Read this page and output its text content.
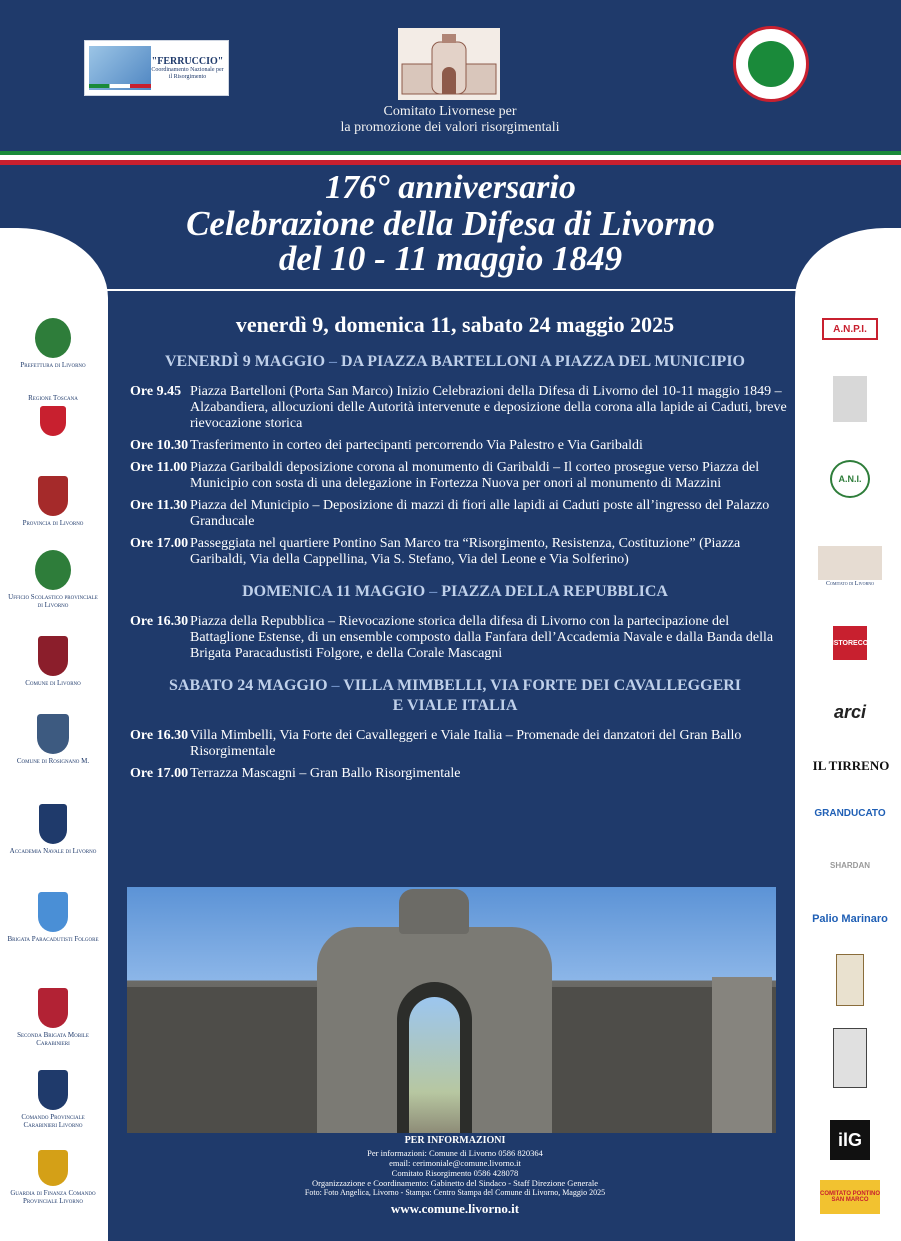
"FERRUCCIO"
Coordinamento Nazionale per il Risorgimento
Comitato Livornese per
la promozione dei valori risorgimentali
176° anniversario
Celebrazione della Difesa di Livorno
del 10 - 11 maggio 1849
venerdì 9, domenica 11, sabato 24 maggio 2025
VENERDÌ 9 MAGGIO – DA PIAZZA BARTELLONI A PIAZZA DEL MUNICIPIO
Ore 9.45 Piazza Bartelloni (Porta San Marco) Inizio Celebrazioni della Difesa di Livorno del 10-11 maggio 1849 – Alzabandiera, allocuzioni delle Autorità intervenute e deposizione della corona alla lapide ai Caduti, breve rievocazione storica
Ore 10.30 Trasferimento in corteo dei partecipanti percorrendo Via Palestro e Via Garibaldi
Ore 11.00 Piazza Garibaldi deposizione corona al monumento di Garibaldi – Il corteo prosegue verso Piazza del Municipio con sosta di una delegazione in Fortezza Nuova per onori al monumento di Mazzini
Ore 11.30 Piazza del Municipio – Deposizione di mazzi di fiori alle lapidi ai Caduti poste all’ingresso del Palazzo Granducale
Ore 17.00 Passeggiata nel quartiere Pontino San Marco tra “Risorgimento, Resistenza, Costituzione” (Piazza Garibaldi, Via della Cappellina, Via S. Stefano, Via del Leone e Via Solferino)
DOMENICA 11 MAGGIO – PIAZZA DELLA REPUBBLICA
Ore 16.30 Piazza della Repubblica – Rievocazione storica della difesa di Livorno con la partecipazione del Battaglione Estense, di un ensemble composto dalla Fanfara dell’Accademia Navale e dalla Banda della Brigata Paracadustisti Folgore, e della Corale Mascagni
SABATO 24 MAGGIO – VILLA MIMBELLI, VIA FORTE DEI CAVALLEGGERI
E VIALE ITALIA
Ore 16.30 Villa Mimbelli, Via Forte dei Cavalleggeri e Viale Italia – Promenade dei danzatori del Gran Ballo Risorgimentale
Ore 17.00 Terrazza Mascagni – Gran Ballo Risorgimentale
PER INFORMAZIONI
Per informazioni: Comune di Livorno 0586 820364
email: cerimoniale@comune.livorno.it
Comitato Risorgimento 0586 428078
Organizzazione e Coordinamento: Gabinetto del Sindaco - Staff Direzione Generale
Foto: Foto Angelica, Livorno - Stampa: Centro Stampa del Comune di Livorno, Maggio 2025
www.comune.livorno.it
Prefettura di Livorno
Regione Toscana
Provincia di Livorno
Ufficio Scolastico provinciale di Livorno
Comune di Livorno
Comune di Rosignano M.
Accademia Navale di Livorno
Brigata Paracadutisti Folgore
Seconda Brigata Mobile Carabinieri
Comando Provinciale Carabinieri Livorno
Guardia di Finanza Comando Provinciale Livorno
A.N.P.I.
A.N.I.
Comitato di Livorno
ISTORECO
arci
IL TIRRENO
GRANDUCATO
SHARDAN
Palio Marinaro
ilG
COMITATO PONTINO SAN MARCO
